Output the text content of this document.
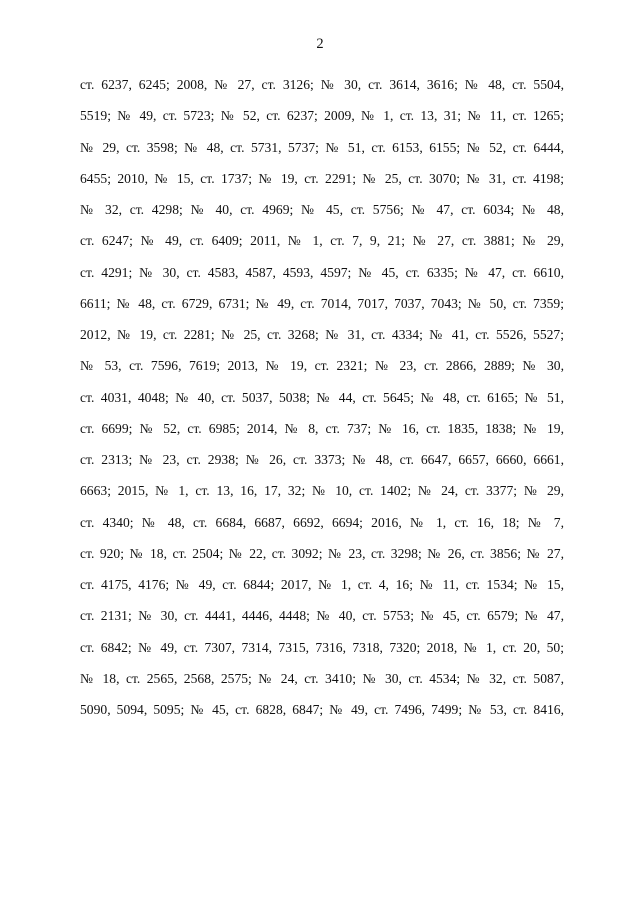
2
ст. 6237, 6245; 2008, № 27, ст. 3126; № 30, ст. 3614, 3616; № 48, ст. 5504,
5519; № 49, ст. 5723; № 52, ст. 6237; 2009, № 1, ст. 13, 31; № 11, ст. 1265;
№ 29, ст. 3598; № 48, ст. 5731, 5737; № 51, ст. 6153, 6155; № 52, ст. 6444,
6455; 2010, № 15, ст. 1737; № 19, ст. 2291; № 25, ст. 3070; № 31, ст. 4198;
№ 32, ст. 4298; № 40, ст. 4969; № 45, ст. 5756; № 47, ст. 6034; № 48,
ст. 6247; № 49, ст. 6409; 2011, № 1, ст. 7, 9, 21; № 27, ст. 3881; № 29,
ст. 4291; № 30, ст. 4583, 4587, 4593, 4597; № 45, ст. 6335; № 47, ст. 6610,
6611; № 48, ст. 6729, 6731; № 49, ст. 7014, 7017, 7037, 7043; № 50, ст. 7359;
2012, № 19, ст. 2281; № 25, ст. 3268; № 31, ст. 4334; № 41, ст. 5526, 5527;
№ 53, ст. 7596, 7619; 2013, № 19, ст. 2321; № 23, ст. 2866, 2889; № 30,
ст. 4031, 4048; № 40, ст. 5037, 5038; № 44, ст. 5645; № 48, ст. 6165; № 51,
ст. 6699; № 52, ст. 6985; 2014, № 8, ст. 737; № 16, ст. 1835, 1838; № 19,
ст. 2313; № 23, ст. 2938; № 26, ст. 3373; № 48, ст. 6647, 6657, 6660, 6661,
6663; 2015, № 1, ст. 13, 16, 17, 32; № 10, ст. 1402; № 24, ст. 3377; № 29,
ст. 4340; № 48, ст. 6684, 6687, 6692, 6694; 2016, № 1, ст. 16, 18; № 7,
ст. 920; № 18, ст. 2504; № 22, ст. 3092; № 23, ст. 3298; № 26, ст. 3856; № 27,
ст. 4175, 4176; № 49, ст. 6844; 2017, № 1, ст. 4, 16; № 11, ст. 1534; № 15,
ст. 2131; № 30, ст. 4441, 4446, 4448; № 40, ст. 5753; № 45, ст. 6579; № 47,
ст. 6842; № 49, ст. 7307, 7314, 7315, 7316, 7318, 7320; 2018, № 1, ст. 20, 50;
№ 18, ст. 2565, 2568, 2575; № 24, ст. 3410; № 30, ст. 4534; № 32, ст. 5087,
5090, 5094, 5095; № 45, ст. 6828, 6847; № 49, ст. 7496, 7499; № 53, ст. 8416,
